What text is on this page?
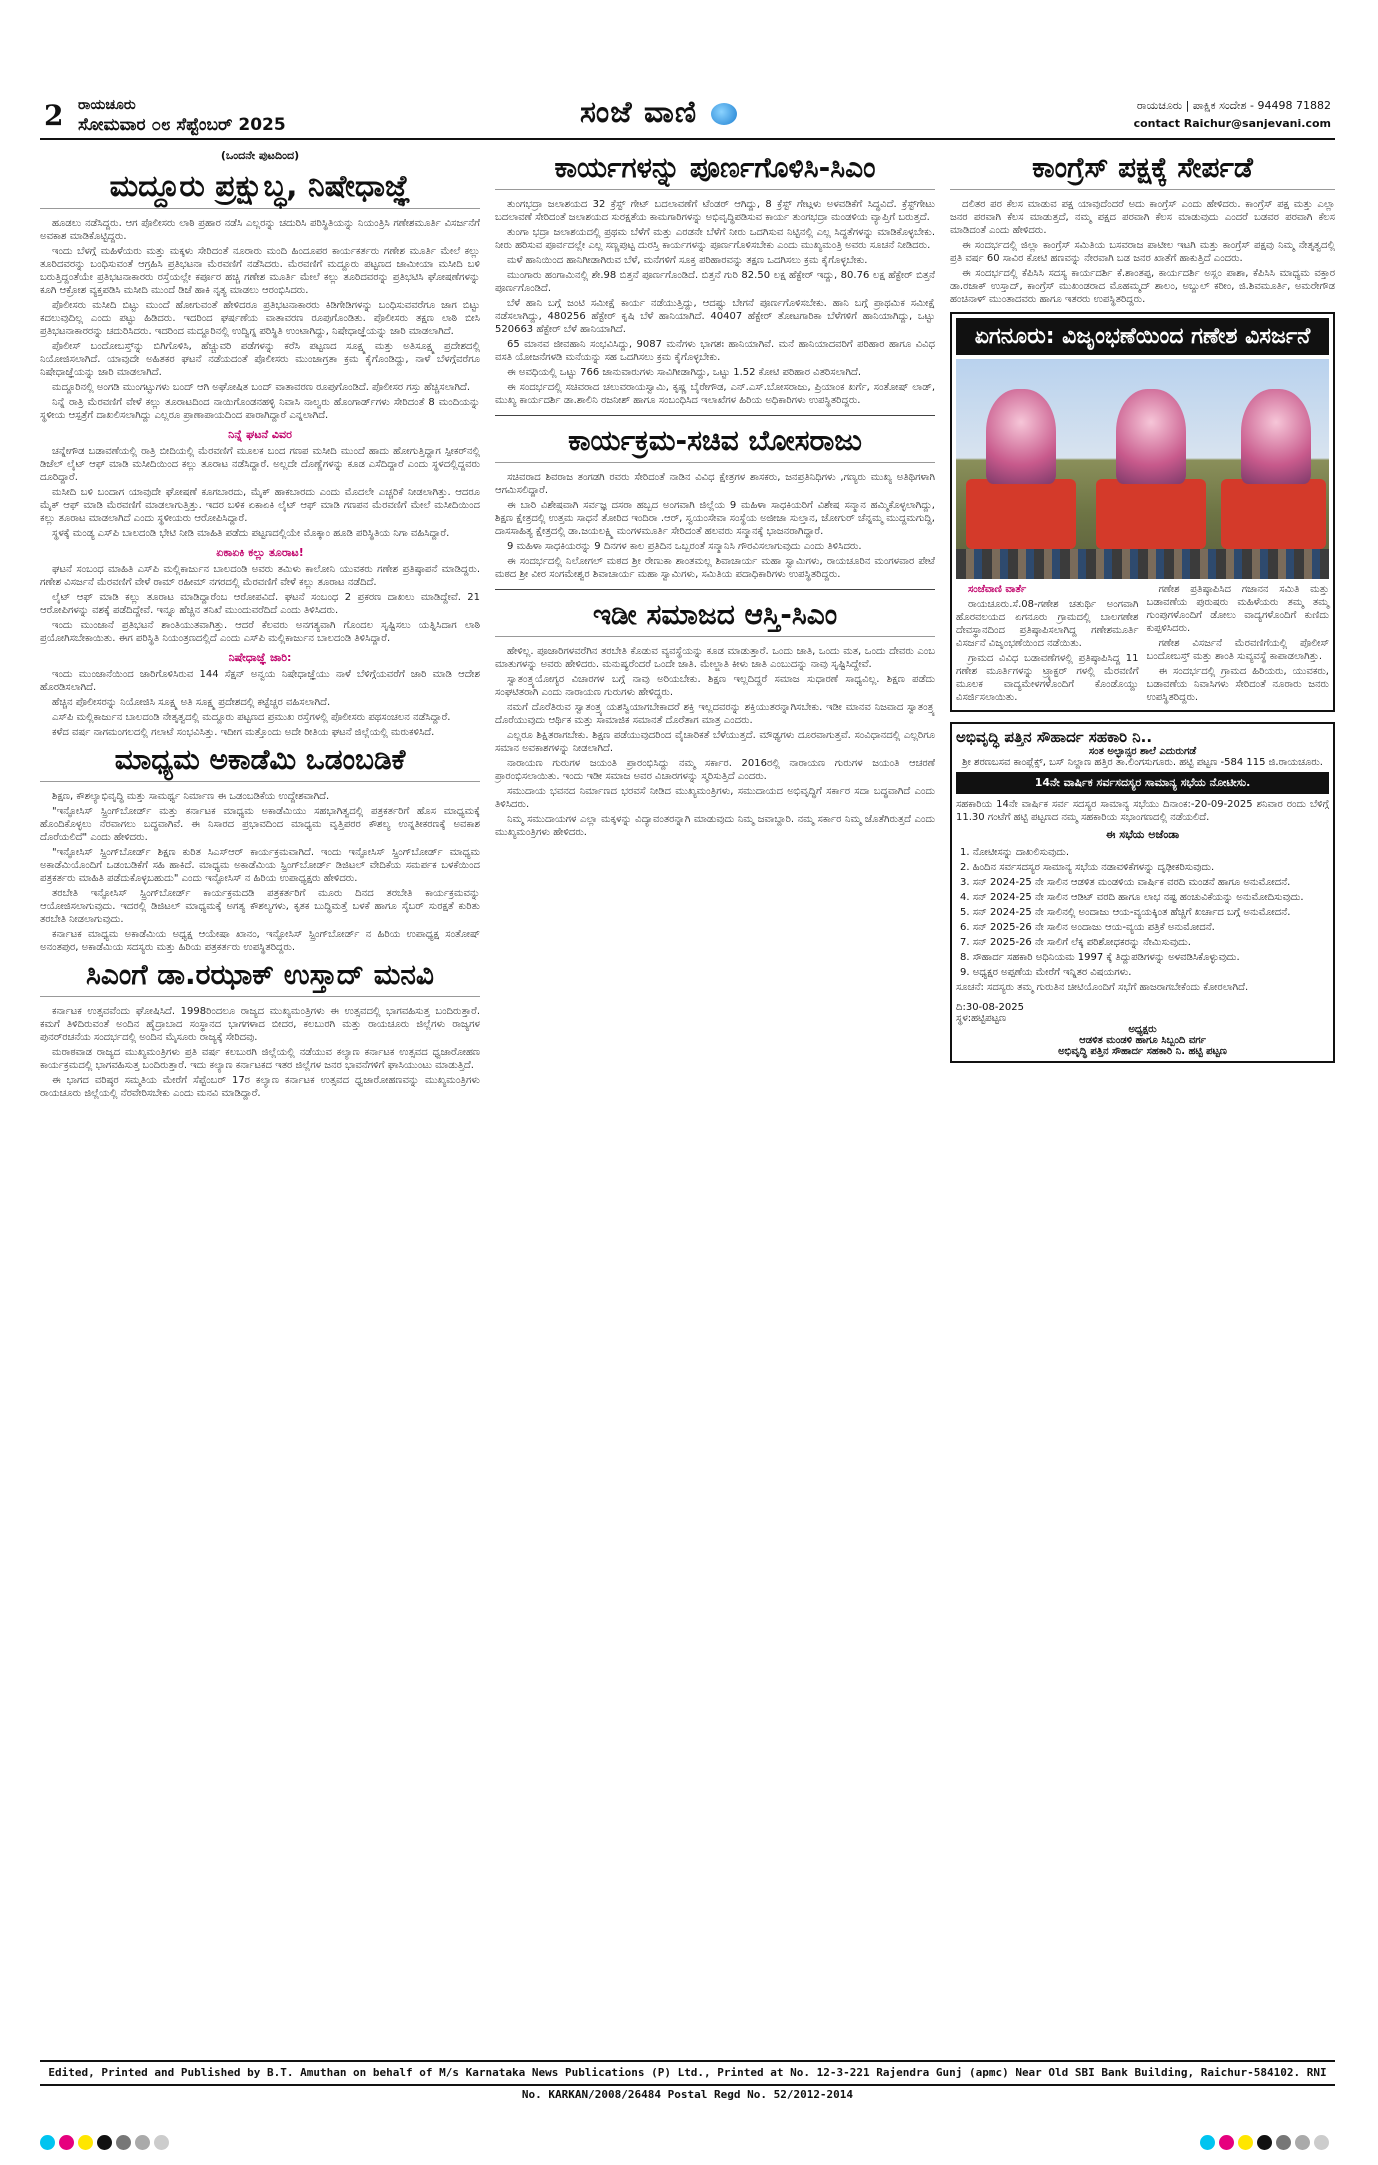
2 ರಾಯಚೂರು
ಸೋಮವಾರ ೦೮ ಸೆಪ್ಟೆಂಬರ್ 2025	ಸಂಜೆ ವಾಣಿ	ರಾಯಚೂರು | ಪಾಕ್ಷಿಕ ಸಂದೇಶ - 94498 71882
contact Raichur@sanjevani.com
(ಒಂದನೇ ಪುಟದಿಂದ)
ಮದ್ದೂರು ಪ್ರಕ್ಷುಬ್ಧ, ನಿಷೇಧಾಜ್ಞೆ

ಹೂಡಲು ನಡೆಸಿದ್ದರು. ಆಗ ಪೊಲೀಸರು ಲಾಠಿ ಪ್ರಹಾರ ನಡೆಸಿ ಎಲ್ಲರನ್ನು ಚದುರಿಸಿ ಪರಿಸ್ಥಿತಿಯನ್ನು ನಿಯಂತ್ರಿಸಿ ಗಣೇಶಮೂರ್ತಿ ವಿಸರ್ಜನೆಗೆ ಅವಕಾಶ ಮಾಡಿಕೊಟ್ಟಿದ್ದರು.

ಇಂದು ಬೆಳಗ್ಗೆ ಮಹಿಳೆಯರು ಮತ್ತು ಮಕ್ಕಳು ಸೇರಿದಂತೆ ನೂರಾರು ಮಂದಿ ಹಿಂದೂಪರ ಕಾರ್ಯಕರ್ತರು ಗಣೇಶ ಮೂರ್ತಿ ಮೇಲೆ ಕಲ್ಲು ತೂರಿದವರನ್ನು ಬಂಧಿಸುವಂತೆ ಆಗ್ರಹಿಸಿ ಪ್ರತಿಭಟನಾ ಮೆರವಣಿಗೆ ನಡೆಸಿದರು. ಮೆರವಣಿಗೆ ಮದ್ದೂರು ಪಟ್ಟಣದ ಜಾಮೀಯಾ ಮಸೀದಿ ಬಳಿ ಬರುತ್ತಿದ್ದಂತೆಯೇ ಪ್ರತಿಭಟನಾಕಾರರು ರಸ್ತೆಯಲ್ಲೇ ಕರ್ಪೂರ ಹಚ್ಚಿ ಗಣೇಶ ಮೂರ್ತಿ ಮೇಲೆ ಕಲ್ಲು ತೂರಿದವರನ್ನು ಪ್ರತಿಭಟಿಸಿ ಘೋಷಣೆಗಳನ್ನು ಕೂಗಿ ಆಕ್ರೋಶ ವ್ಯಕ್ತಪಡಿಸಿ ಮಸೀದಿ ಮುಂದೆ ಡಿಜೆ ಹಾಕಿ ನೃತ್ಯ ಮಾಡಲು ಆರಂಭಿಸಿದರು.

ಪೊಲೀಸರು ಮಸೀದಿ ಬಿಟ್ಟು ಮುಂದೆ ಹೋಗುವಂತೆ ಹೇಳಿದರೂ ಪ್ರತಿಭಟನಾಕಾರರು ಕಿಡಿಗೇಡಿಗಳನ್ನು ಬಂಧಿಸುವವರೆಗೂ ಜಾಗ ಬಿಟ್ಟು ಕದಲುವುದಿಲ್ಲ ಎಂದು ಪಟ್ಟು ಹಿಡಿದರು. ಇದರಿಂದ ಘರ್ಷಣೆಯ ವಾತಾವರಣ ರೂಪುಗೊಂಡಿತು. ಪೊಲೀಸರು ತಕ್ಷಣ ಲಾಠಿ ಬೀಸಿ ಪ್ರತಿಭಟನಾಕಾರರನ್ನು ಚದುರಿಸಿದರು. ಇದರಿಂದ ಮದ್ದೂರಿನಲ್ಲಿ ಉದ್ವಿಗ್ನ ಪರಿಸ್ಥಿತಿ ಉಂಟಾಗಿದ್ದು, ನಿಷೇಧಾಜ್ಞೆಯನ್ನು ಜಾರಿ ಮಾಡಲಾಗಿದೆ.

ಪೊಲೀಸ್ ಬಂದೋಬಸ್ತ್‌ನ್ನು ಬಿಗಿಗೊಳಿಸಿ, ಹೆಚ್ಚುವರಿ ಪಡೆಗಳನ್ನು ಕರೆಸಿ ಪಟ್ಟಣದ ಸೂಕ್ಷ್ಮ ಮತ್ತು ಅತಿಸೂಕ್ಷ್ಮ ಪ್ರದೇಶದಲ್ಲಿ ನಿಯೋಜಿಸಲಾಗಿದೆ. ಯಾವುದೇ ಅಹಿತಕರ ಘಟನೆ ನಡೆಯದಂತೆ ಪೊಲೀಸರು ಮುಂಜಾಗ್ರತಾ ಕ್ರಮ ಕೈಗೊಂಡಿದ್ದು, ನಾಳೆ ಬೆಳಗ್ಗೆವರೆಗೂ ನಿಷೇಧಾಜ್ಞೆಯನ್ನು ಜಾರಿ ಮಾಡಲಾಗಿದೆ.

ಮದ್ದೂರಿನಲ್ಲಿ ಅಂಗಡಿ ಮುಂಗಟ್ಟುಗಳು ಬಂದ್ ಆಗಿ ಅಘೋಷಿತ ಬಂದ್ ವಾತಾವರಣ ರೂಪುಗೊಂಡಿದೆ. ಪೊಲೀಸರ ಗಸ್ತು ಹೆಚ್ಚಿಸಲಾಗಿದೆ.

ನಿನ್ನೆ ರಾತ್ರಿ ಮೆರವಣಿಗೆ ವೇಳೆ ಕಲ್ಲು ತೂರಾಟದಿಂದ ನಾಯಿಗೊಂಡನಹಳ್ಳಿ ನಿವಾಸಿ ನಾಲ್ವರು ಹೊಂಗಾರ್ಡ್‌ಗಳು ಸೇರಿದಂತೆ 8 ಮಂದಿಯನ್ನು ಸ್ಥಳೀಯ ಆಸ್ಪತ್ರೆಗೆ ದಾಖಲಿಸಲಾಗಿದ್ದು ಎಲ್ಲರೂ ಪ್ರಾಣಾಪಾಯದಿಂದ ಪಾರಾಗಿದ್ದಾರೆ ಎನ್ನಲಾಗಿದೆ.

ನಿನ್ನೆ ಘಟನೆ ವಿವರ

ಚನ್ನೇಗೌಡ ಬಡಾವಣೆಯಲ್ಲಿ ರಾತ್ರಿ ಬೀದಿಯಲ್ಲಿ ಮೆರವಣಿಗೆ ಮೂಲಕ ಬಂದ ಗಣಪ ಮಸೀದಿ ಮುಂದೆ ಹಾದು ಹೋಗುತ್ತಿದ್ದಾಗ ಸ್ಪೀಕರ್‌ನಲ್ಲಿ ಡಿಜೆಲ್ ಲೈಟ್ ಆಫ್ ಮಾಡಿ ಮಸೀದಿಯಿಂದ ಕಲ್ಲು ತೂರಾಟ ನಡೆಸಿದ್ದಾರೆ. ಅಲ್ಲದೇ ದೊಣ್ಣೆಗಳನ್ನು ಕೂಡ ಎಸೆದಿದ್ದಾರೆ ಎಂದು ಸ್ಥಳದಲ್ಲಿದ್ದವರು ದೂರಿದ್ದಾರೆ.

ಮಸೀದಿ ಬಳಿ ಬಂದಾಗ ಯಾವುದೇ ಘೋಷಣೆ ಕೂಗಬಾರದು, ಮೈಕ್ ಹಾಕಬಾರದು ಎಂದು ಮೊದಲೇ ಎಚ್ಚರಿಕೆ ನೀಡಲಾಗಿತ್ತು. ಆದರೂ ಮೈಕ್ ಆಫ್ ಮಾಡಿ ಮೆರವಣಿಗೆ ಮಾಡಲಾಗುತ್ತಿತ್ತು. ಇದರ ಬಳಿಕ ಏಕಾಏಕಿ ಲೈಟ್ ಆಫ್ ಮಾಡಿ ಗಣಪನ ಮೆರವಣಿಗೆ ಮೇಲೆ ಮಸೀದಿಯಿಂದ ಕಲ್ಲು ತೂರಾಟ ಮಾಡಲಾಗಿದೆ ಎಂದು ಸ್ಥಳೀಯರು ಆರೋಪಿಸಿದ್ದಾರೆ.

ಸ್ಥಳಕ್ಕೆ ಮಂಡ್ಯ ಎಸ್‌ಪಿ ಬಾಲದಂಡಿ ಭೇಟಿ ನೀಡಿ ಮಾಹಿತಿ ಪಡೆದು ಪಟ್ಟಣದಲ್ಲಿಯೇ ಮೊಕ್ಕಾಂ ಹೂಡಿ ಪರಿಸ್ಥಿತಿಯ ನಿಗಾ ವಹಿಸಿದ್ದಾರೆ.

ಏಕಾಏಕಿ ಕಲ್ಲು ತೂರಾಟ!

ಘಟನೆ ಸಂಬಂಧ ಮಾಹಿತಿ ಎಸ್‌ಪಿ ಮಲ್ಲಿಕಾರ್ಜುನ ಬಾಲದಂಡಿ ಅವರು ತಮಿಳು ಕಾಲೋನಿ ಯುವಕರು ಗಣೇಶ ಪ್ರತಿಷ್ಠಾಪನೆ ಮಾಡಿದ್ದರು. ಗಣೇಶ ವಿಸರ್ಜನೆ ಮೆರವಣಿಗೆ ವೇಳೆ ರಾಮ್ ರಹೀಮ್ ನಗರದಲ್ಲಿ ಮೆರವಣಿಗೆ ವೇಳೆ ಕಲ್ಲು ತೂರಾಟ ನಡೆದಿದೆ.

ಲೈಟ್ ಆಫ್ ಮಾಡಿ ಕಲ್ಲು ತೂರಾಟ ಮಾಡಿದ್ದಾರೆಂಬ ಆರೋಪವಿದೆ. ಘಟನೆ ಸಂಬಂಧ 2 ಪ್ರಕರಣ ದಾಖಲು ಮಾಡಿದ್ದೇವೆ. 21 ಆರೋಪಿಗಳನ್ನು ವಶಕ್ಕೆ ಪಡೆದಿದ್ದೇವೆ. ಇನ್ನೂ ಹೆಚ್ಚಿನ ತನಿಖೆ ಮುಂದುವರೆದಿದೆ ಎಂದು ತಿಳಿಸಿದರು.

ಇಂದು ಮುಂಜಾನೆ ಪ್ರತಿಭಟನೆ ಶಾಂತಿಯುತವಾಗಿತ್ತು. ಆದರೆ ಕೆಲವರು ಅನಗತ್ಯವಾಗಿ ಗೊಂದಲ ಸೃಷ್ಟಿಸಲು ಯತ್ನಿಸಿದಾಗ ಲಾಠಿ ಪ್ರಯೋಗಿಸಬೇಕಾಯಿತು. ಈಗ ಪರಿಸ್ಥಿತಿ ನಿಯಂತ್ರಣದಲ್ಲಿದೆ ಎಂದು ಎಸ್‌ಪಿ ಮಲ್ಲಿಕಾರ್ಜುನ ಬಾಲದಂಡಿ ತಿಳಿಸಿದ್ದಾರೆ.

ನಿಷೇಧಾಜ್ಞೆ ಜಾರಿ:

ಇಂದು ಮುಂಜಾನೆಯಿಂದ ಜಾರಿಗೊಳಿಸಿರುವ 144 ಸೆಕ್ಷನ್ ಅನ್ವಯ ನಿಷೇಧಾಜ್ಞೆಯು ನಾಳೆ ಬೆಳಿಗ್ಗೆಯವರೆಗೆ ಜಾರಿ ಮಾಡಿ ಆದೇಶ ಹೊರಡಿಸಲಾಗಿದೆ.

ಹೆಚ್ಚಿನ ಪೊಲೀಸರನ್ನು ನಿಯೋಜಿಸಿ ಸೂಕ್ಷ್ಮ ಅತಿ ಸೂಕ್ಷ್ಮ ಪ್ರದೇಶದಲ್ಲಿ ಕಟ್ಟೆಚ್ಚರ ವಹಿಸಲಾಗಿದೆ.

ಎಸ್‌ಪಿ ಮಲ್ಲಿಕಾರ್ಜುನ ಬಾಲದಂಡಿ ನೇತೃತ್ವದಲ್ಲಿ ಮದ್ದೂರು ಪಟ್ಟಣದ ಪ್ರಮುಖ ರಸ್ತೆಗಳಲ್ಲಿ ಪೊಲೀಸರು ಪಥಸಂಚಲನ ನಡೆಸಿದ್ದಾರೆ.

ಕಳೆದ ವರ್ಷ ನಾಗಮಂಗಲದಲ್ಲಿ ಗಲಾಟೆ ಸಂಭವಿಸಿತ್ತು. ಇದೀಗ ಮತ್ತೊಂದು ಅದೇ ರೀತಿಯ ಘಟನೆ ಜಿಲ್ಲೆಯಲ್ಲಿ ಮರುಕಳಿಸಿದೆ.

ಮಾಧ್ಯಮ ಅಕಾಡೆಮಿ ಒಡಂಬಡಿಕೆ

ಶಿಕ್ಷಣ, ಕೌಶಲ್ಯಾಭಿವೃದ್ಧಿ ಮತ್ತು ಸಾಮರ್ಥ್ಯ ನಿರ್ಮಾಣ ಈ ಒಡಂಬಡಿಕೆಯ ಉದ್ದೇಶವಾಗಿದೆ.

"ಇನ್ಫೋಸಿಸ್ ಸ್ಪ್ರಿಂಗ್‌ಬೋರ್ಡ್ ಮತ್ತು ಕರ್ನಾಟಕ ಮಾಧ್ಯಮ ಅಕಾಡೆಮಿಯು ಸಹಭಾಗಿತ್ವದಲ್ಲಿ ಪತ್ರಕರ್ತರಿಗೆ ಹೊಸ ಮಾಧ್ಯಮಕ್ಕೆ ಹೊಂದಿಕೊಳ್ಳಲು ನೆರವಾಗಲು ಬದ್ಧವಾಗಿವೆ. ಈ ನಿಸಾರದ ಪ್ರಭಾವದಿಂದ ಮಾಧ್ಯಮ ವೃತ್ತಿಪರರ ಕೌಶಲ್ಯ ಉನ್ನತೀಕರಣಕ್ಕೆ ಅವಕಾಶ ದೊರೆಯಲಿದೆ" ಎಂದು ಹೇಳಿದರು.

"ಇನ್ಫೋಸಿಸ್ ಸ್ಪ್ರಿಂಗ್‌ಬೋರ್ಡ್ ಶಿಕ್ಷಣ ಕುರಿತ ಸಿಎಸ್‌ಆರ್ ಕಾರ್ಯಕ್ರಮವಾಗಿದೆ. ಇಂದು ಇನ್ಫೋಸಿಸ್ ಸ್ಪ್ರಿಂಗ್‌ಬೋರ್ಡ್ ಮಾಧ್ಯಮ ಅಕಾಡೆಮಿಯೊಂದಿಗೆ ಒಡಂಬಡಿಕೆಗೆ ಸಹಿ ಹಾಕಿದೆ. ಮಾಧ್ಯಮ ಅಕಾಡೆಮಿಯ ಸ್ಪ್ರಿಂಗ್‌ಬೋರ್ಡ್ ಡಿಜಿಟಲ್ ವೇದಿಕೆಯ ಸಮರ್ಪಕ ಬಳಕೆಯಿಂದ ಪತ್ರಕರ್ತರು ಮಾಹಿತಿ ಪಡೆದುಕೊಳ್ಳಬಹುದು" ಎಂದು ಇನ್ಫೋಸಿಸ್ ನ ಹಿರಿಯ ಉಪಾಧ್ಯಕ್ಷರು ಹೇಳಿದರು.

ತರಬೇತಿ ಇನ್ಫೋಸಿಸ್ ಸ್ಪ್ರಿಂಗ್‌ಬೋರ್ಡ್ ಕಾರ್ಯಕ್ರಮದಡಿ ಪತ್ರಕರ್ತರಿಗೆ ಮೂರು ದಿನದ ತರಬೇತಿ ಕಾರ್ಯಕ್ರಮವನ್ನು ಆಯೋಜಿಸಲಾಗುವುದು. ಇದರಲ್ಲಿ ಡಿಜಿಟಲ್ ಮಾಧ್ಯಮಕ್ಕೆ ಅಗತ್ಯ ಕೌಶಲ್ಯಗಳು, ಕೃತಕ ಬುದ್ಧಿಮತ್ತೆ ಬಳಕೆ ಹಾಗೂ ಸೈಬರ್ ಸುರಕ್ಷತೆ ಕುರಿತು ತರಬೇತಿ ನೀಡಲಾಗುವುದು.

ಕರ್ನಾಟಕ ಮಾಧ್ಯಮ ಅಕಾಡೆಮಿಯ ಅಧ್ಯಕ್ಷ ಆಯೇಷಾ ಖಾನಂ, ಇನ್ಫೋಸಿಸ್ ಸ್ಪ್ರಿಂಗ್‌ಬೋರ್ಡ್ ನ ಹಿರಿಯ ಉಪಾಧ್ಯಕ್ಷ ಸಂತೋಷ್ ಅನಂತಪುರ, ಅಕಾಡೆಮಿಯ ಸದಸ್ಯರು ಮತ್ತು ಹಿರಿಯ ಪತ್ರಕರ್ತರು ಉಪಸ್ಥಿತರಿದ್ದರು.

ಸಿಎಂಗೆ ಡಾ.ರಝಾಕ್ ಉಸ್ತಾದ್ ಮನವಿ

ಕರ್ನಾಟಕ ಉತ್ಸವವೆಂದು ಘೋಷಿಸಿದೆ. 1998ರಿಂದಲೂ ರಾಜ್ಯದ ಮುಖ್ಯಮಂತ್ರಿಗಳು ಈ ಉತ್ಸವದಲ್ಲಿ ಭಾಗವಹಿಸುತ್ತ ಬಂದಿರುತ್ತಾರೆ. ಕಮಗೆ ತಿಳಿದಿರುವಂತೆ ಅಂದಿನ ಹೈದ್ರಾಬಾದ ಸಂಸ್ಥಾನದ ಭಾಗಗಳಾದ ಬೀದರ, ಕಲಬುರಗಿ ಮತ್ತು ರಾಯಚೂರು ಜಿಲ್ಲೆಗಳು ರಾಜ್ಯಗಳ ಪುನರ್‌ರಚನೆಯ ಸಂದರ್ಭದಲ್ಲಿ ಅಂದಿನ ಮೈಸೂರು ರಾಜ್ಯಕ್ಕೆ ಸೇರಿದವು.

ಮರಾಠವಾಡ ರಾಜ್ಯದ ಮುಖ್ಯಮಂತ್ರಿಗಳು ಪ್ರತಿ ವರ್ಷ ಕಲಬುರಗಿ ಜಿಲ್ಲೆಯಲ್ಲಿ ನಡೆಯುವ ಕಲ್ಯಾಣ ಕರ್ನಾಟಕ ಉತ್ಸವದ ಧ್ವಜಾರೋಹಣ ಕಾರ್ಯಕ್ರಮದಲ್ಲಿ ಭಾಗವಹಿಸುತ್ತ ಬಂದಿರುತ್ತಾರೆ. ಇದು ಕಲ್ಯಾಣ ಕರ್ನಾಟಕದ ಇತರ ಜಿಲ್ಲೆಗಳ ಜನರ ಭಾವನೆಗಳಿಗೆ ಘಾಸಿಯುಂಟು ಮಾಡುತ್ತಿದೆ.

ಈ ಭಾಗದ ವರಿಷ್ಠರ ಸಮ್ಮತಿಯ ಮೇರೆಗೆ ಸೆಪ್ಟೆಂಬರ್ 17ರ ಕಲ್ಯಾಣ ಕರ್ನಾಟಕ ಉತ್ಸವದ ಧ್ವಜಾರೋಹಣವನ್ನು ಮುಖ್ಯಮಂತ್ರಿಗಳು ರಾಯಚೂರು ಜಿಲ್ಲೆಯಲ್ಲಿ ನೆರವೇರಿಸಬೇಕು ಎಂದು ಮನವಿ ಮಾಡಿದ್ದಾರೆ.

ಕಾರ್ಯಗಳನ್ನು ಪೂರ್ಣಗೊಳಿಸಿ-ಸಿಎಂ

ತುಂಗಭದ್ರಾ ಜಲಾಶಯದ 32 ಕ್ರೆಸ್ಟ್ ಗೇಟ್ ಬದಲಾವಣೆಗೆ ಟೆಂಡರ್ ಆಗಿದ್ದು, 8 ಕ್ರೆಸ್ಟ್ ಗೇಟ್ಗಳು ಅಳವಡಿಕೆಗೆ ಸಿದ್ಧವಿದೆ. ಕ್ರೆಸ್ಟ್‌ಗೇಟು ಬದಲಾವಣೆ ಸೇರಿದಂತೆ ಜಲಾಶಯದ ಸುರಕ್ಷತೆಯ ಕಾಮಗಾರಿಗಳನ್ನು ಅಭಿವೃದ್ಧಿಪಡಿಸುವ ಕಾರ್ಯ ತುಂಗಭದ್ರಾ ಮಂಡಳಿಯ ವ್ಯಾಪ್ತಿಗೆ ಬರುತ್ತದೆ.

ತುಂಗಾ ಭದ್ರಾ ಜಲಾಶಯದಲ್ಲಿ ಪ್ರಥಮ ಬೆಳೆಗೆ ಮತ್ತು ಎರಡನೇ ಬೆಳೆಗೆ ನೀರು ಒದಗಿಸುವ ನಿಟ್ಟಿನಲ್ಲಿ ಎಲ್ಲ ಸಿದ್ಧತೆಗಳನ್ನು ಮಾಡಿಕೊಳ್ಳಬೇಕು. ನೀರು ಹರಿಸುವ ಪೂರ್ವದಲ್ಲೇ ಎಲ್ಲ ಸಣ್ಣಪುಟ್ಟ ದುರಸ್ತಿ ಕಾರ್ಯಗಳನ್ನು ಪೂರ್ಣಗೊಳಿಸಬೇಕು ಎಂದು ಮುಖ್ಯಮಂತ್ರಿ ಅವರು ಸೂಚನೆ ನೀಡಿದರು.

ಮಳೆ ಹಾನಿಯಿಂದ ಹಾನಿಗೀಡಾಗಿರುವ ಬೆಳೆ, ಮನೆಗಳಿಗೆ ಸೂಕ್ತ ಪರಿಹಾರವನ್ನು ತಕ್ಷಣ ಒದಗಿಸಲು ಕ್ರಮ ಕೈಗೊಳ್ಳಬೇಕು.

ಮುಂಗಾರು ಹಂಗಾಮಿನಲ್ಲಿ ಶೇ.98 ಬಿತ್ತನೆ ಪೂರ್ಣಗೊಂಡಿದೆ. ಬಿತ್ತನೆ ಗುರಿ 82.50 ಲಕ್ಷ ಹೆಕ್ಟೇರ್ ಇದ್ದು, 80.76 ಲಕ್ಷ ಹೆಕ್ಟೇರ್ ಬಿತ್ತನೆ ಪೂರ್ಣಗೊಂಡಿದೆ.

ಬೆಳೆ ಹಾನಿ ಬಗ್ಗೆ ಜಂಟಿ ಸಮೀಕ್ಷೆ ಕಾರ್ಯ ನಡೆಯುತ್ತಿದ್ದು, ಆದಷ್ಟು ಬೇಗನೆ ಪೂರ್ಣಗೊಳಿಸಬೇಕು. ಹಾನಿ ಬಗ್ಗೆ ಪ್ರಾಥಮಿಕ ಸಮೀಕ್ಷೆ ನಡೆಸಲಾಗಿದ್ದು, 480256 ಹೆಕ್ಟೇರ್ ಕೃಷಿ ಬೆಳೆ ಹಾನಿಯಾಗಿದೆ. 40407 ಹೆಕ್ಟೇರ್ ತೋಟಗಾರಿಕಾ ಬೆಳೆಗಳಿಗೆ ಹಾನಿಯಾಗಿದ್ದು, ಒಟ್ಟು 520663 ಹೆಕ್ಟೇರ್ ಬೆಳೆ ಹಾನಿಯಾಗಿದೆ.

65 ಮಾನವ ಜೀವಹಾನಿ ಸಂಭವಿಸಿದ್ದು, 9087 ಮನೆಗಳು ಭಾಗಶಃ ಹಾನಿಯಾಗಿವೆ. ಮನೆ ಹಾನಿಯಾದವರಿಗೆ ಪರಿಹಾರ ಹಾಗೂ ವಿವಿಧ ವಸತಿ ಯೋಜನೆಗಳಡಿ ಮನೆಯನ್ನು ಸಹ ಒದಗಿಸಲು ಕ್ರಮ ಕೈಗೊಳ್ಳಬೇಕು.

ಈ ಅವಧಿಯಲ್ಲಿ ಒಟ್ಟು 766 ಜಾನುವಾರುಗಳು ಸಾವಿಗೀಡಾಗಿದ್ದು, ಒಟ್ಟು 1.52 ಕೋಟಿ ಪರಿಹಾರ ವಿತರಿಸಲಾಗಿದೆ.

ಈ ಸಂದರ್ಭದಲ್ಲಿ ಸಚಿವರಾದ ಚಲುವರಾಯಸ್ವಾಮಿ, ಕೃಷ್ಣ ಬೈರೇಗೌಡ, ಎನ್.ಎಸ್.ಬೋಸರಾಜು, ಪ್ರಿಯಾಂಕ ಖರ್ಗೆ, ಸಂತೋಷ್ ಲಾಡ್, ಮುಖ್ಯ ಕಾರ್ಯದರ್ಶಿ ಡಾ.ಶಾಲಿನಿ ರಜನೀಶ್ ಹಾಗೂ ಸಂಬಂಧಿಸಿದ ಇಲಾಖೆಗಳ ಹಿರಿಯ ಅಧಿಕಾರಿಗಳು ಉಪಸ್ಥಿತರಿದ್ದರು.

ಕಾರ್ಯಕ್ರಮ-ಸಚಿವ ಬೋಸರಾಜು

ಸಚಿವರಾದ ಶಿವರಾಜ ತಂಗಡಗಿ ರವರು ಸೇರಿದಂತೆ ನಾಡಿನ ವಿವಿಧ ಕ್ಷೇತ್ರಗಳ ಶಾಸಕರು, ಜನಪ್ರತಿನಿಧಿಗಳು ,ಗಣ್ಯರು ಮುಖ್ಯ ಅತಿಥಿಗಳಾಗಿ ಆಗಮಿಸಲಿದ್ದಾರೆ.

ಈ ಬಾರಿ ವಿಶೇಷವಾಗಿ ಸರ್ವಜ್ಞ ದಸರಾ ಹಬ್ಬದ ಅಂಗವಾಗಿ ಜಿಲ್ಲೆಯ 9 ಮಹಿಳಾ ಸಾಧಕಿಯರಿಗೆ ವಿಶೇಷ ಸನ್ಮಾನ ಹಮ್ಮಿಕೊಳ್ಳಲಾಗಿದ್ದು, ಶಿಕ್ಷಣ ಕ್ಷೇತ್ರದಲ್ಲಿ ಉತ್ತಮ ಸಾಧನೆ ತೋರಿದ ಇಂದಿರಾ .ಆರ್, ಸ್ವಯಂಸೇವಾ ಸಂಸ್ಥೆಯ ಅಜೀಜಾ ಸುಲ್ತಾನ, ಜೋಗುರ್ ಚೆನ್ನಮ್ಮ ಮುದ್ದಮಗುದ್ದಿ, ದಾಸಸಾಹಿತ್ಯ ಕ್ಷೇತ್ರದಲ್ಲಿ ಡಾ.ಜಯಲಕ್ಷ್ಮಿ ಮಂಗಳಮೂರ್ತಿ ಸೇರಿದಂತೆ ಹಲವರು ಸನ್ಮಾನಕ್ಕೆ ಭಾಜನರಾಗಿದ್ದಾರೆ.

9 ಮಹಿಳಾ ಸಾಧಕಿಯರನ್ನು 9 ದಿನಗಳ ಕಾಲ ಪ್ರತಿದಿನ ಒಬ್ಬರಂತೆ ಸನ್ಮಾನಿಸಿ ಗೌರವಿಸಲಾಗುವುದು ಎಂದು ತಿಳಿಸಿದರು.

ಈ ಸಂದರ್ಭದಲ್ಲಿ ನಿಲೋಗಲ್ ಮಠದ ಶ್ರೀ ರೇಣುಕಾ ಶಾಂತಮಲ್ಲ ಶಿವಾಚಾರ್ಯ ಮಹಾ ಸ್ವಾಮಿಗಳು, ರಾಯಚೂರಿನ ಮಂಗಳವಾರ ಪೇಟೆ ಮಠದ ಶ್ರೀ ವೀರ ಸಂಗಮೇಶ್ವರ ಶಿವಾಚಾರ್ಯ ಮಹಾ ಸ್ವಾಮಿಗಳು, ಸಮಿತಿಯ ಪದಾಧಿಕಾರಿಗಳು ಉಪಸ್ಥಿತರಿದ್ದರು.

ಇಡೀ ಸಮಾಜದ ಆಸ್ತಿ-ಸಿಎಂ

ಹೇಳಿಲ್ಲ. ಪೂಜಾರಿಗಳವರೆಗಿನ ತರಬೇತಿ ಕೊಡುವ ವ್ಯವಸ್ಥೆಯನ್ನು ಕೂಡ ಮಾಡುತ್ತಾರೆ. ಒಂದು ಜಾತಿ, ಒಂದು ಮತ, ಒಂದು ದೇವರು ಎಂಬ ಮಾತುಗಳನ್ನು ಅವರು ಹೇಳಿದರು. ಮನುಷ್ಯರೆಂದರೆ ಒಂದೇ ಜಾತಿ. ಮೇಲ್ಜಾತಿ ಕೀಳು ಜಾತಿ ಎಂಬುದನ್ನು ನಾವು ಸೃಷ್ಟಿಸಿದ್ದೇವೆ.

ಸ್ವಾತಂತ್ರ್ಯಯೋಗ್ಯರ ವಿಚಾರಗಳ ಬಗ್ಗೆ ನಾವು ಅರಿಯಬೇಕು. ಶಿಕ್ಷಣ ಇಲ್ಲದಿದ್ದರೆ ಸಮಾಜ ಸುಧಾರಣೆ ಸಾಧ್ಯವಿಲ್ಲ. ಶಿಕ್ಷಣ ಪಡೆದು ಸಂಘಟಿತರಾಗಿ ಎಂದು ನಾರಾಯಣ ಗುರುಗಳು ಹೇಳಿದ್ದರು.

ನಮಗೆ ದೊರೆತಿರುವ ಸ್ವಾತಂತ್ರ್ಯ ಯಶಸ್ವಿಯಾಗಬೇಕಾದರೆ ಶಕ್ತಿ ಇಲ್ಲದವರನ್ನು ಶಕ್ತಿಯುತರನ್ನಾಗಿಸಬೇಕು. ಇಡೀ ಮಾನವ ನಿಜವಾದ ಸ್ವಾತಂತ್ರ್ಯ ದೊರೆಯುವುದು ಆರ್ಥಿಕ ಮತ್ತು ಸಾಮಾಜಿಕ ಸಮಾನತೆ ದೊರೆತಾಗ ಮಾತ್ರ ಎಂದರು.

ಎಲ್ಲರೂ ಶಿಕ್ಷಿತರಾಗಬೇಕು. ಶಿಕ್ಷಣ ಪಡೆಯುವುದರಿಂದ ವೈಚಾರಿಕತೆ ಬೆಳೆಯುತ್ತದೆ. ಮೌಢ್ಯಗಳು ದೂರವಾಗುತ್ತವೆ. ಸಂವಿಧಾನದಲ್ಲಿ ಎಲ್ಲರಿಗೂ ಸಮಾನ ಅವಕಾಶಗಳನ್ನು ನೀಡಲಾಗಿದೆ.

ನಾರಾಯಣ ಗುರುಗಳ ಜಯಂತಿ ಪ್ರಾರಂಭಿಸಿದ್ದು ನಮ್ಮ ಸರ್ಕಾರ. 2016ರಲ್ಲಿ ನಾರಾಯಣ ಗುರುಗಳ ಜಯಂತಿ ಆಚರಣೆ ಪ್ರಾರಂಭಿಸಲಾಯಿತು. ಇಂದು ಇಡೀ ಸಮಾಜ ಅವರ ವಿಚಾರಗಳನ್ನು ಸ್ಮರಿಸುತ್ತಿದೆ ಎಂದರು.

ಸಮುದಾಯ ಭವನದ ನಿರ್ಮಾಣದ ಭರವಸೆ ನೀಡಿದ ಮುಖ್ಯಮಂತ್ರಿಗಳು, ಸಮುದಾಯದ ಅಭಿವೃದ್ಧಿಗೆ ಸರ್ಕಾರ ಸದಾ ಬದ್ಧವಾಗಿದೆ ಎಂದು ತಿಳಿಸಿದರು.

ನಿಮ್ಮ ಸಮುದಾಯಗಳ ಎಲ್ಲಾ ಮಕ್ಕಳನ್ನು ವಿದ್ಯಾವಂತರನ್ನಾಗಿ ಮಾಡುವುದು ನಿಮ್ಮ ಜವಾಬ್ದಾರಿ. ನಮ್ಮ ಸರ್ಕಾರ ನಿಮ್ಮ ಜೊತೆಗಿರುತ್ತದೆ ಎಂದು ಮುಖ್ಯಮಂತ್ರಿಗಳು ಹೇಳಿದರು.

ಕಾಂಗ್ರೆಸ್ ಪಕ್ಷಕ್ಕೆ ಸೇರ್ಪಡೆ

ದಲಿತರ ಪರ ಕೆಲಸ ಮಾಡುವ ಪಕ್ಷ ಯಾವುದೆಂದರೆ ಅದು ಕಾಂಗ್ರೆಸ್ ಎಂದು ಹೇಳಿದರು. ಕಾಂಗ್ರೆಸ್ ಪಕ್ಷ ಮತ್ತು ಎಲ್ಲಾ ಜನರ ಪರವಾಗಿ ಕೆಲಸ ಮಾಡುತ್ತದೆ, ನಮ್ಮ ಪಕ್ಷದ ಪರವಾಗಿ ಕೆಲಸ ಮಾಡುವುದು ಎಂದರೆ ಬಡವರ ಪರವಾಗಿ ಕೆಲಸ ಮಾಡಿದಂತೆ ಎಂದು ಹೇಳಿದರು.

ಈ ಸಂದರ್ಭದಲ್ಲಿ ಜಿಲ್ಲಾ ಕಾಂಗ್ರೆಸ್ ಸಮಿತಿಯ ಬಸವರಾಜ ಪಾಟೀಲ ಇಟಗಿ ಮತ್ತು ಕಾಂಗ್ರೆಸ್ ಪಕ್ಷವು ನಿಮ್ಮ ನೇತೃತ್ವದಲ್ಲಿ ಪ್ರತಿ ವರ್ಷ 60 ಸಾವಿರ ಕೋಟಿ ಹಣವನ್ನು ನೇರವಾಗಿ ಬಡ ಜನರ ಖಾತೆಗೆ ಹಾಕುತ್ತಿದೆ ಎಂದರು.

ಈ ಸಂದರ್ಭದಲ್ಲಿ ಕೆಪಿಸಿಸಿ ಸದಸ್ಯ ಕಾರ್ಯದರ್ಶಿ ಕೆ.ಶಾಂತಪ್ಪ, ಕಾರ್ಯದರ್ಶಿ ಅಸ್ಲಂ ಪಾಶಾ, ಕೆಪಿಸಿಸಿ ಮಾಧ್ಯಮ ವಕ್ತಾರ ಡಾ.ರಜಾಕ್ ಉಸ್ತಾದ್, ಕಾಂಗ್ರೆಸ್ ಮುಖಂಡರಾದ ಮೊಹಮ್ಮದ್ ಶಾಲಂ, ಅಬ್ದುಲ್ ಕರೀಂ, ಜಿ.ಶಿವಮೂರ್ತಿ, ಅಮರೇಗೌಡ ಹಂಚಿನಾಳ್ ಮುಂತಾದವರು ಹಾಗೂ ಇತರರು ಉಪಸ್ಥಿತರಿದ್ದರು.

ಏಗನೂರು: ವಿಜೃಂಭಣೆಯಿಂದ ಗಣೇಶ ವಿಸರ್ಜನೆ

ಸಂಜೆವಾಣಿ ವಾರ್ತೆ

ರಾಯಚೂರು.ಸೆ.08-ಗಣೇಶ ಚತುರ್ಥಿ ಅಂಗವಾಗಿ ಹೊರವಲಯದ ಏಗನೂರು ಗ್ರಾಮದಲ್ಲಿ ಬಾಲಗಣೇಶ ದೇವಸ್ಥಾನದಿಂದ ಪ್ರತಿಷ್ಠಾಪಿಸಲಾಗಿದ್ದ ಗಣೇಶಮೂರ್ತಿ ವಿಸರ್ಜನೆ ವಿಜೃಂಭಣೆಯಿಂದ ನಡೆಯಿತು.

ಗ್ರಾಮದ ವಿವಿಧ ಬಡಾವಣೆಗಳಲ್ಲಿ ಪ್ರತಿಷ್ಠಾಪಿಸಿದ್ದ 11 ಗಣೇಶ ಮೂರ್ತಿಗಳನ್ನು ಟ್ರ್ಯಾಕ್ಟರ್ ಗಳಲ್ಲಿ ಮೆರವಣಿಗೆ ಮೂಲಕ ವಾದ್ಯಮೇಳಗಳೊಂದಿಗೆ ಕೊಂಡೊಯ್ದು ವಿಸರ್ಜಿಸಲಾಯಿತು.

ಗಣೇಶ ಪ್ರತಿಷ್ಠಾಪಿಸಿದ ಗಜಾನನ ಸಮಿತಿ ಮತ್ತು ಬಡಾವಣೆಯ ಪುರುಷರು ಮಹಿಳೆಯರು ತಮ್ಮ ತಮ್ಮ ಗುಂಪುಗಳೊಂದಿಗೆ ಡೋಲು ವಾದ್ಯಗಳೊಂದಿಗೆ ಕುಣಿದು ಕುಪ್ಪಳಿಸಿದರು.

ಗಣೇಶ ವಿಸರ್ಜನೆ ಮೆರವಣಿಗೆಯಲ್ಲಿ ಪೊಲೀಸ್ ಬಂದೋಬಸ್ತ್ ಮತ್ತು ಶಾಂತಿ ಸುವ್ಯವಸ್ಥೆ ಕಾಪಾಡಲಾಗಿತ್ತು.

ಈ ಸಂದರ್ಭದಲ್ಲಿ ಗ್ರಾಮದ ಹಿರಿಯರು, ಯುವಕರು, ಬಡಾವಣೆಯ ನಿವಾಸಿಗಳು ಸೇರಿದಂತೆ ನೂರಾರು ಜನರು ಉಪಸ್ಥಿತರಿದ್ದರು.

ಅಭಿವೃದ್ಧಿ ಪತ್ತಿನ ಸೌಹಾರ್ದ ಸಹಕಾರಿ ನಿ..
ಸಂತ ಅಲ್ಫಾನ್ಸರ ಶಾಲೆ ಎದುರುಗಡೆ
ಶ್ರೀ ಶರಣಬಸವ ಕಾಂಪ್ಲೆಕ್ಸ್, ಬಸ್ ನಿಲ್ದಾಣ ಹತ್ತಿರ ತಾ.ಲಿಂಗಸುಗೂರು. ಹಟ್ಟಿ ಪಟ್ಟಣ -584 115 ಜಿ.ರಾಯಚೂರು.
14ನೇ ವಾರ್ಷಿಕ ಸರ್ವಸದಸ್ಯರ ಸಾಮಾನ್ಯ ಸಭೆಯ ನೋಟೀಸು.
ಸಹಕಾರಿಯ 14ನೇ ವಾರ್ಷಿಕ ಸರ್ವ ಸದಸ್ಯರ ಸಾಮಾನ್ಯ ಸಭೆಯು ದಿನಾಂಕ:-20-09-2025 ಶನಿವಾರ ರಂದು ಬೆಳಿಗ್ಗೆ 11.30 ಗಂಟೆಗೆ ಹಟ್ಟಿ ಪಟ್ಟಣದ ನಮ್ಮ ಸಹಕಾರಿಯ ಸಭಾಂಗಣದಲ್ಲಿ ನಡೆಯಲಿದೆ.
ಈ ಸಭೆಯ ಅಜೆಂಡಾ
1. ನೋಟೀಸನ್ನು ದಾಖಲಿಸುವುದು.
2. ಹಿಂದಿನ ಸರ್ವಸದಸ್ಯರ ಸಾಮಾನ್ಯ ಸಭೆಯ ನಡಾವಳಿಕೆಗಳನ್ನು ದೃಢೀಕರಿಸುವುದು.
3. ಸನ್ 2024-25 ನೇ ಸಾಲಿನ ಆಡಳಿತ ಮಂಡಳಿಯ ವಾರ್ಷಿಕ ವರದಿ ಮಂಡನೆ ಹಾಗೂ ಅನುಮೋದನೆ.
4. ಸನ್ 2024-25 ನೇ ಸಾಲಿನ ಆಡಿಟ್ ವರದಿ ಹಾಗೂ ಲಾಭ ನಷ್ಟ ಹಂಚುವಿಕೆಯನ್ನು ಅನುಮೋದಿಸುವುದು.
5. ಸನ್ 2024-25 ನೇ ಸಾಲಿನಲ್ಲಿ ಅಂದಾಜು ಆಯ-ವ್ಯಯಕ್ಕಿಂತ ಹೆಚ್ಚಿಗೆ ಖರ್ಚಾದ ಬಗ್ಗೆ ಅನುಮೋದನೆ.
6. ಸನ್ 2025-26 ನೇ ಸಾಲಿನ ಅಂದಾಜು ಆಯ-ವ್ಯಯ ಪತ್ರಿಕೆ ಅನುಮೋದನೆ.
7. ಸನ್ 2025-26 ನೇ ಸಾಲಿಗೆ ಲೆಕ್ಕ ಪರಿಶೋಧಕರನ್ನು ನೇಮಿಸುವುದು.
8. ಸೌಹಾರ್ದ ಸಹಕಾರಿ ಅಧಿನಿಯಮ 1997 ಕ್ಕೆ ತಿದ್ದುಪಡಿಗಳನ್ನು ಅಳವಡಿಸಿಕೊಳ್ಳುವುದು.
9. ಅಧ್ಯಕ್ಷರ ಅಪ್ಪಣೆಯ ಮೇರೆಗೆ ಇನ್ನಿತರ ವಿಷಯಗಳು.
ಸೂಚನೆ: ಸದಸ್ಯರು ತಮ್ಮ ಗುರುತಿನ ಚೀಟಿಯೊಂದಿಗೆ ಸಭೆಗೆ ಹಾಜರಾಗಬೇಕೆಂದು ಕೋರಲಾಗಿದೆ.
ದಿ:30-08-2025
ಸ್ಥಳ:ಹಟ್ಟಿಪಟ್ಟಣ
ಅಧ್ಯಕ್ಷರು
ಆಡಳಿತ ಮಂಡಳಿ ಹಾಗೂ ಸಿಬ್ಬಂದಿ ವರ್ಗ
ಅಭಿವೃದ್ಧಿ ಪತ್ತಿನ ಸೌಹಾರ್ದ ಸಹಕಾರಿ ನಿ. ಹಟ್ಟಿ ಪಟ್ಟಣ
Edited, Printed and Published by B.T. Amuthan on behalf of M/s Karnataka News Publications (P) Ltd., Printed at No. 12-3-221 Rajendra Gunj (apmc) Near Old SBI Bank Building, Raichur-584102. RNI No. KARKAN/2008/26484 Postal Regd No. 52/2012-2014
